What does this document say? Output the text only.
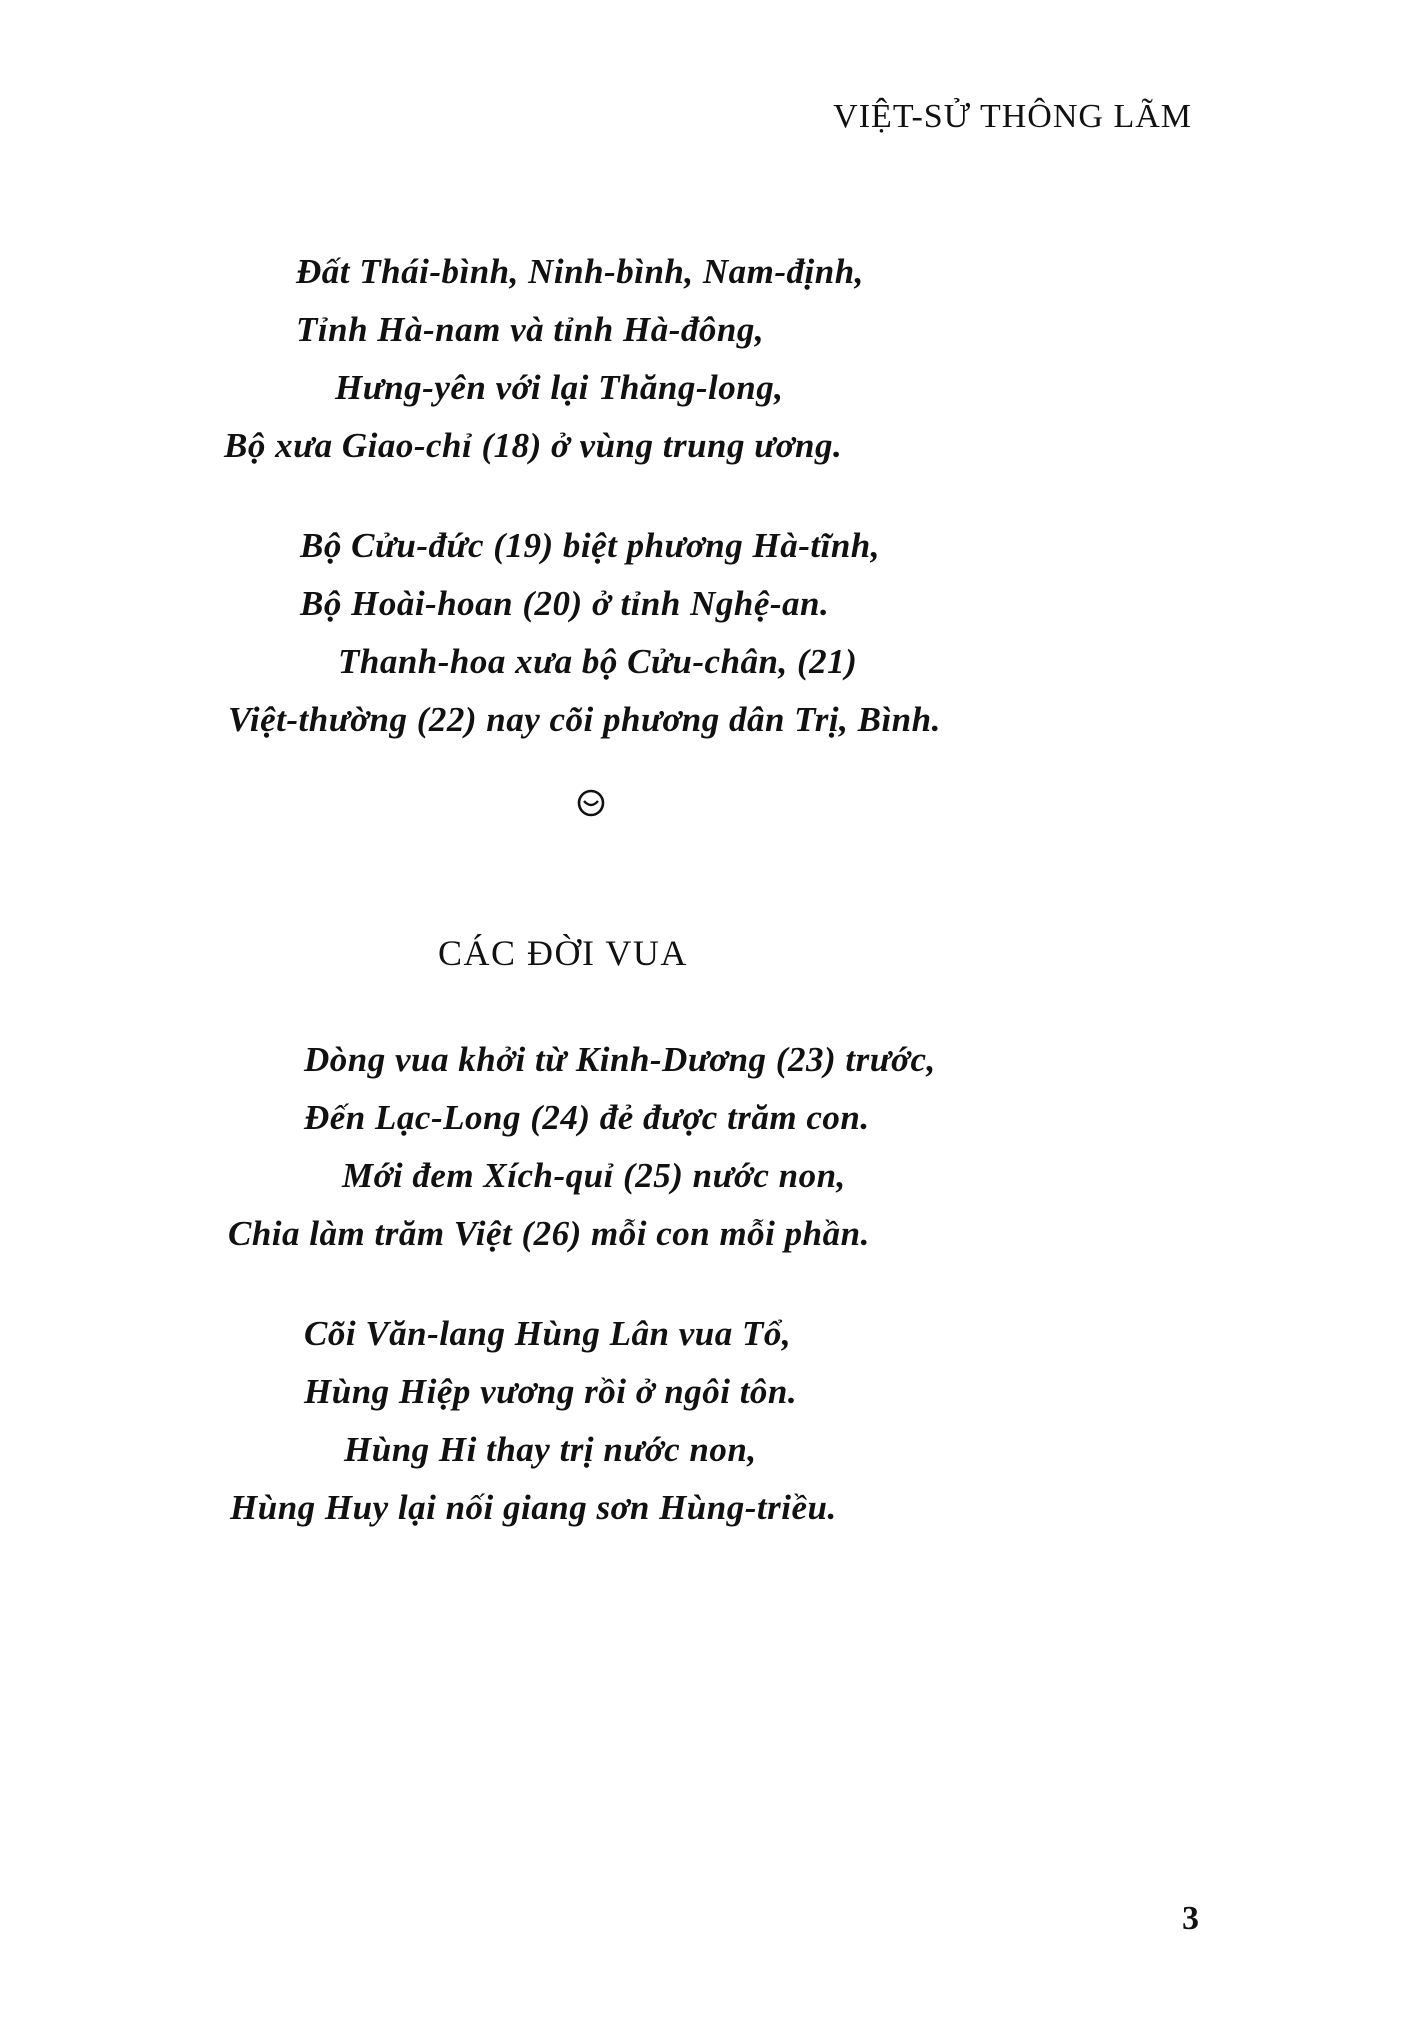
VIỆT-SỬ THÔNG LÃM
Đất Thái-bình, Ninh-bình, Nam-định,
Tỉnh Hà-nam và tỉnh Hà-đông,
Hưng-yên với lại Thăng-long,
Bộ xưa Giao-chỉ (18) ở vùng trung ương.
Bộ Cửu-đức (19) biệt phương Hà-tĩnh,
Bộ Hoài-hoan (20) ở tỉnh Nghệ-an.
Thanh-hoa xưa bộ Cửu-chân, (21)
Việt-thường (22) nay cõi phương dân Trị, Bình.
CÁC ĐỜI VUA
Dòng vua khởi từ Kinh-Dương (23) trước,
Đến Lạc-Long (24) đẻ được trăm con.
Mới đem Xích-quỉ (25) nước non,
Chia làm trăm Việt (26) mỗi con mỗi phần.
Cõi Văn-lang Hùng Lân vua Tổ,
Hùng Hiệp vương rồi ở ngôi tôn.
Hùng Hi thay trị nước non,
Hùng Huy lại nối giang sơn Hùng-triều.
3
